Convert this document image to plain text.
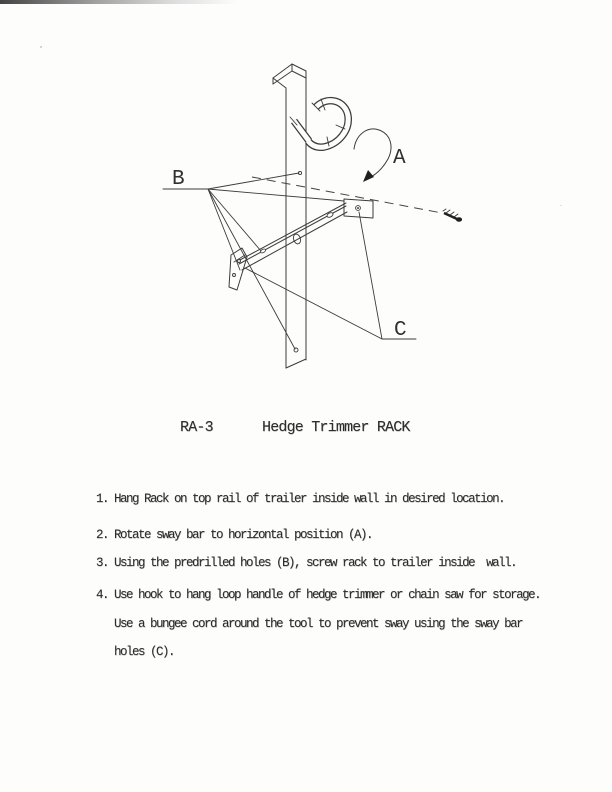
B
A
C

RA-3

	Hedge Trimmer RACK

1. Hang Rack on top rail of trailer inside wall in desired location.
2. Rotate sway bar to horizontal position (A).
3. Using the predrilled holes (B), screw rack to trailer inside  wall.
4. Use hook to hang loop handle of hedge trimmer or chain saw for storage.
Use a bungee cord around the tool to prevent sway using the sway bar
holes (C).
